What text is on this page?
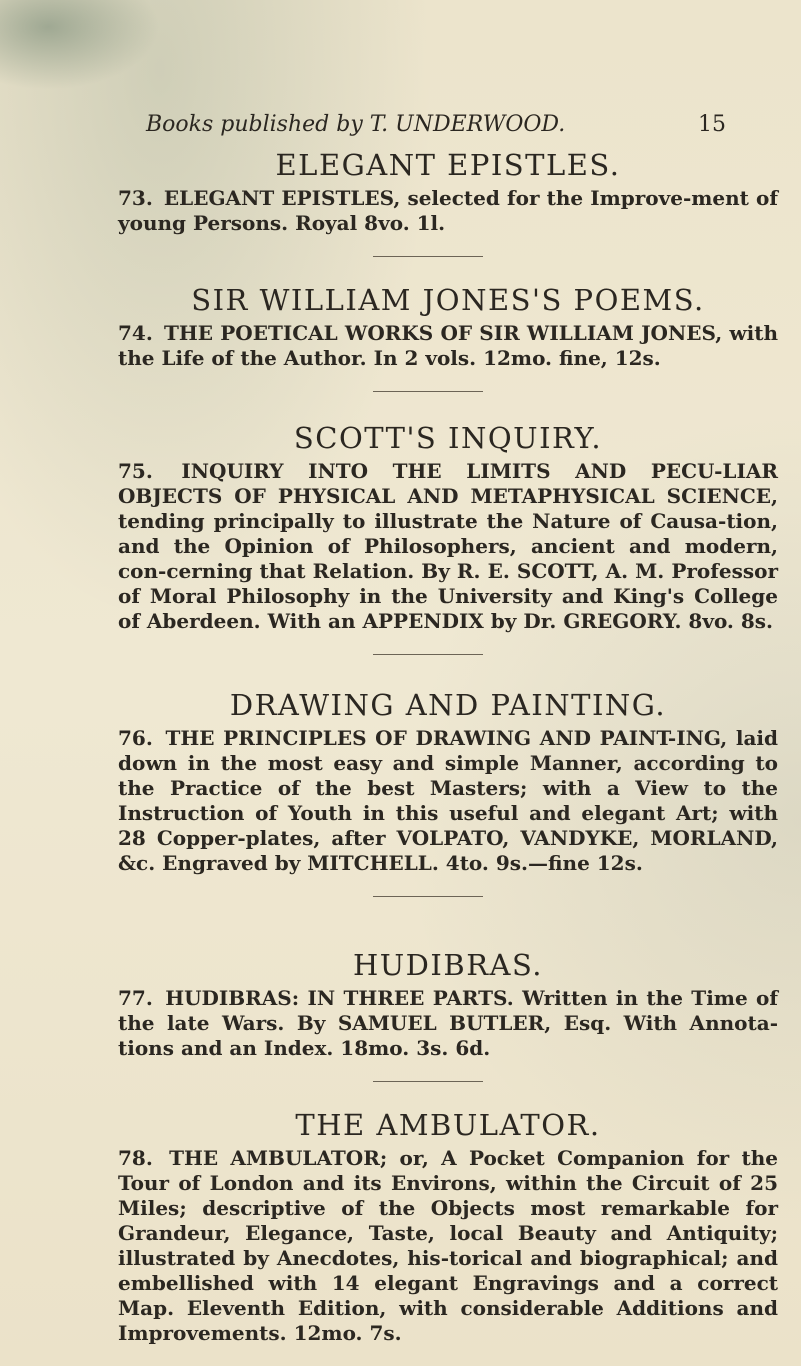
Books published by T. UNDERWOOD.	15
ELEGANT EPISTLES.
73. ELEGANT EPISTLES, selected for the Improve-ment of young Persons. Royal 8vo. 1l.
SIR WILLIAM JONES'S POEMS.
74. THE POETICAL WORKS OF SIR WILLIAM JONES, with the Life of the Author. In 2 vols. 12mo. fine, 12s.
SCOTT'S INQUIRY.
75. INQUIRY INTO THE LIMITS AND PECU-LIAR OBJECTS OF PHYSICAL AND METAPHYSICAL SCIENCE, tending principally to illustrate the Nature of Causa-tion, and the Opinion of Philosophers, ancient and modern, con-cerning that Relation. By R. E. SCOTT, A. M. Professor of Moral Philosophy in the University and King's College of Aberdeen. With an APPENDIX by Dr. GREGORY. 8vo. 8s.
DRAWING AND PAINTING.
76. THE PRINCIPLES OF DRAWING AND PAINT-ING, laid down in the most easy and simple Manner, according to the Practice of the best Masters; with a View to the Instruction of Youth in this useful and elegant Art; with 28 Copper-plates, after VOLPATO, VANDYKE, MORLAND, &c. Engraved by MITCHELL. 4to. 9s.—fine 12s.
HUDIBRAS.
77. HUDIBRAS: IN THREE PARTS. Written in the Time of the late Wars. By SAMUEL BUTLER, Esq. With Annota-tions and an Index. 18mo. 3s. 6d.
THE AMBULATOR.
78. THE AMBULATOR; or, A Pocket Companion for the Tour of London and its Environs, within the Circuit of 25 Miles; descriptive of the Objects most remarkable for Grandeur, Elegance, Taste, local Beauty and Antiquity; illustrated by Anecdotes, his-torical and biographical; and embellished with 14 elegant Engravings and a correct Map. Eleventh Edition, with considerable Additions and Improvements. 12mo. 7s.
